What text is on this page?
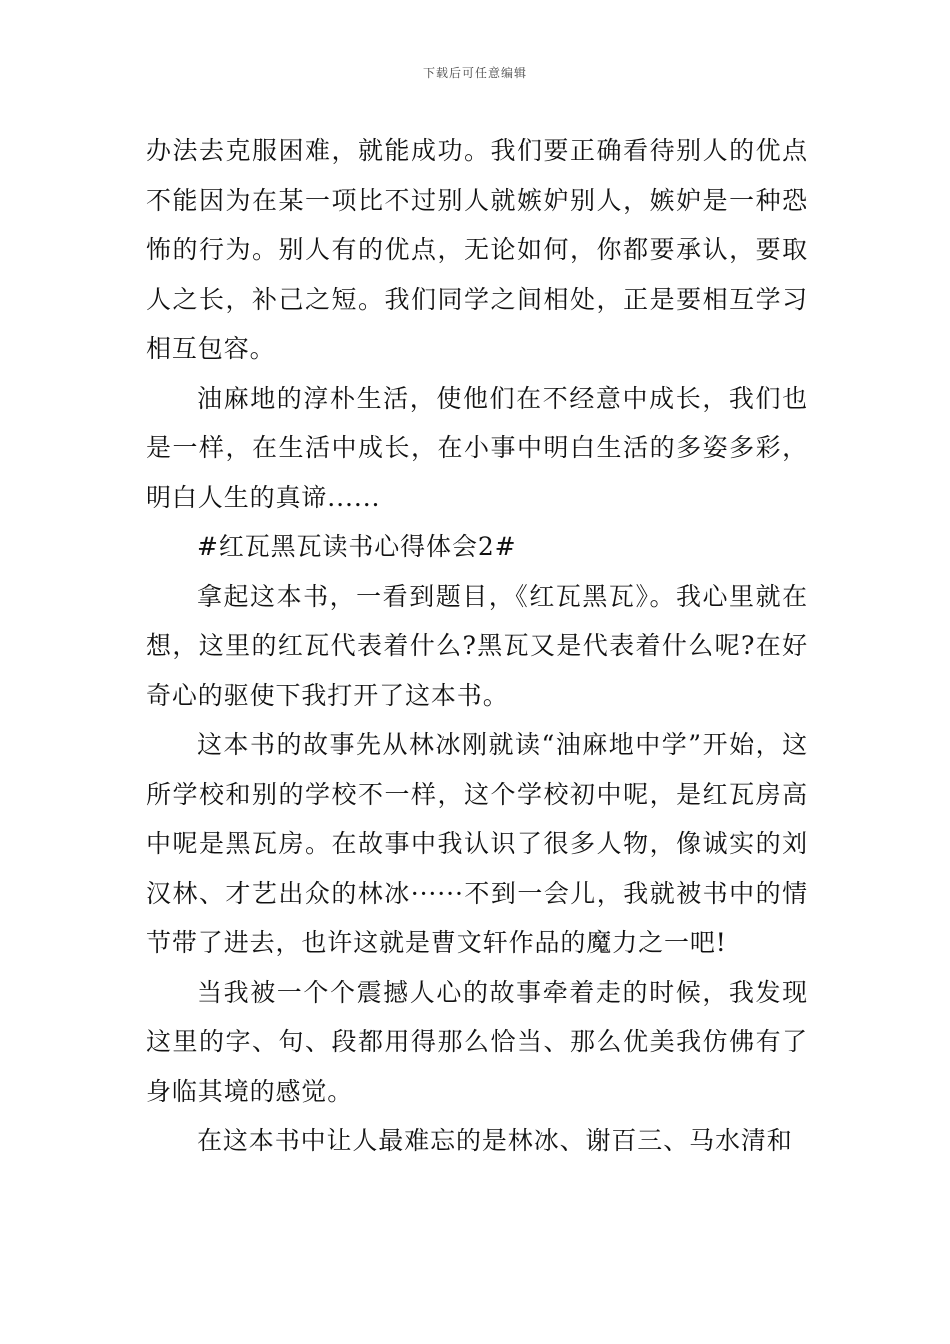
下载后可任意编辑

办法去克服困难，就能成功。我们要正确看待别人的优点不能因为在某一项比不过别人就嫉妒别人，嫉妒是一种恐怖的行为。别人有的优点，无论如何，你都要承认，要取人之长，补己之短。我们同学之间相处，正是要相互学习相互包容。

油麻地的淳朴生活，使他们在不经意中成长，我们也是一样，在生活中成长，在小事中明白生活的多姿多彩，明白人生的真谛......

#红瓦黑瓦读书心得体会2#

拿起这本书，一看到题目，《红瓦黑瓦》。我心里就在想，这里的红瓦代表着什么?黑瓦又是代表着什么呢?在好奇心的驱使下我打开了这本书。

这本书的故事先从林冰刚就读“油麻地中学”开始，这所学校和别的学校不一样，这个学校初中呢，是红瓦房高中呢是黑瓦房。在故事中我认识了很多人物，像诚实的刘汉林、才艺出众的林冰······不到一会儿，我就被书中的情节带了进去，也许这就是曹文轩作品的魔力之一吧!

当我被一个个震撼人心的故事牵着走的时候，我发现这里的字、句、段都用得那么恰当、那么优美我仿佛有了身临其境的感觉。

在这本书中让人最难忘的是林冰、谢百三、马水清和
